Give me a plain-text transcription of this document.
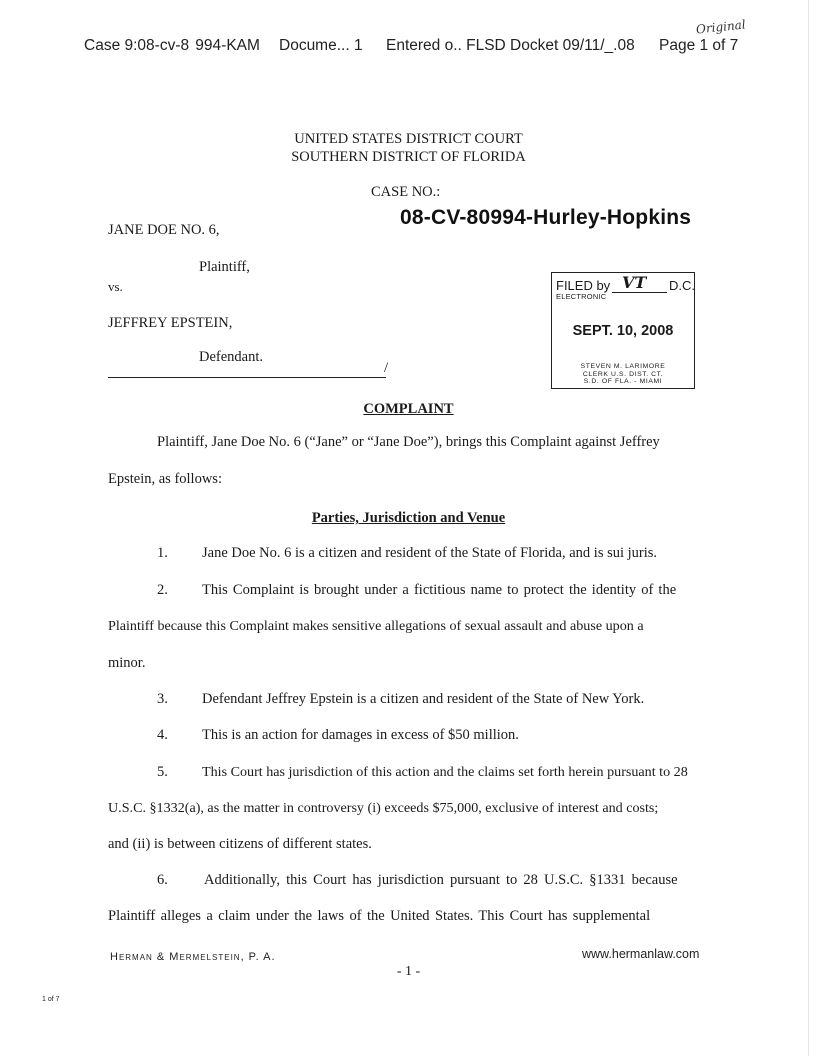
Case 9:08-cv-8  994-KAM Docume... 1 Entered o.. FLSD Docket 09/11/_.08 Page 1 of 7
Original
UNITED STATES DISTRICT COURT
SOUTHERN DISTRICT OF FLORIDA
CASE NO.:
08-CV-80994-Hurley-Hopkins
JANE DOE NO. 6,
Plaintiff,
vs.
JEFFREY EPSTEIN,
Defendant.
/
FILED by VT D.C.
ELECTRONIC
SEPT. 10, 2008
STEVEN M. LARIMORE
CLERK U.S. DIST. CT.
S.D. OF FLA. - MIAMI
COMPLAINT
Plaintiff, Jane Doe No. 6 (“Jane” or “Jane Doe”), brings this Complaint against Jeffrey
Epstein, as follows:
Parties, Jurisdiction and Venue
1. Jane Doe No. 6 is a citizen and resident of the State of Florida, and is sui juris.
2. This Complaint is brought under a fictitious name to protect the identity of the
Plaintiff because this Complaint makes sensitive allegations of sexual assault and abuse upon a
minor.
3. Defendant Jeffrey Epstein is a citizen and resident of the State of New York.
4. This is an action for damages in excess of $50 million.
5. This Court has jurisdiction of this action and the claims set forth herein pursuant to 28
U.S.C. §1332(a), as the matter in controversy (i) exceeds $75,000, exclusive of interest and costs;
and (ii) is between citizens of different states.
6. Additionally, this Court has jurisdiction pursuant to 28 U.S.C. §1331 because
Plaintiff alleges a claim under the laws of the United States. This Court has supplemental
Herman & Mermelstein, P. A.	www.hermanlaw.com
- 1 -
1 of 7
